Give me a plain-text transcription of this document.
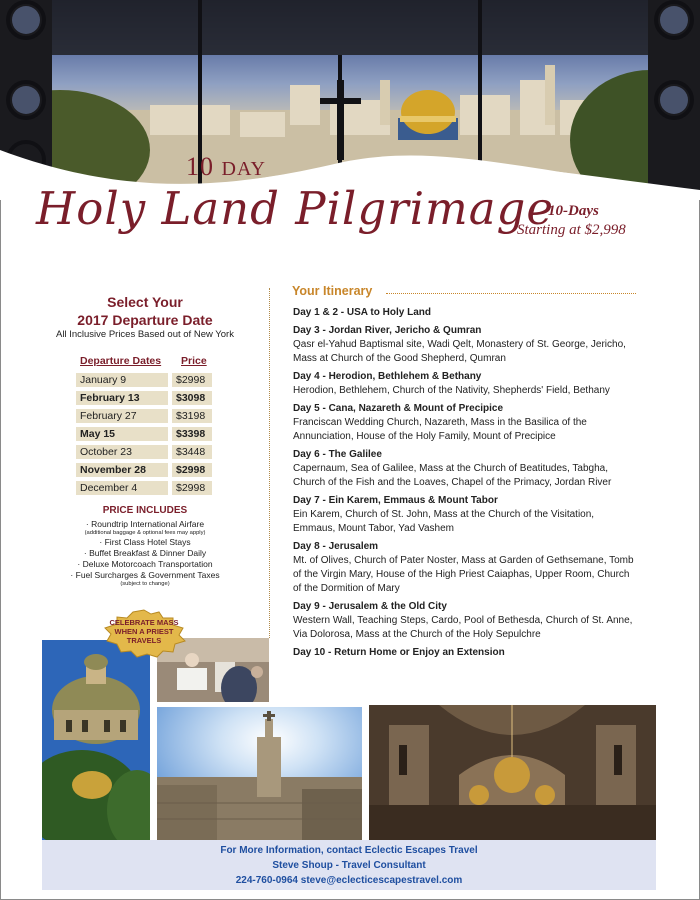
10 DAY
Holy Land Pilgrimage
10-Days
Starting at $2,998
Select Your
2017 Departure Date
All Inclusive Prices Based out of New York
Departure Dates Price
January 9	$2998
February 13	$3098
February 27	$3198
May 15	$3398
October 23	$3448
November 28	$2998
December 4	$2998
PRICE INCLUDES
· Roundtrip International Airfare
(additional baggage & optional fees may apply)
· First Class Hotel Stays
· Buffet Breakfast & Dinner Daily
· Deluxe Motorcoach Transportation
· Fuel Surcharges & Government Taxes
(subject to change)
Your Itinerary
Day 1 & 2 - USA to Holy Land
Day 3 - Jordan River, Jericho & Qumran
Qasr el-Yahud Baptismal site, Wadi Qelt, Monastery of St. George, Jericho, Mass at Church of the Good Shepherd, Qumran
Day 4 - Herodion, Bethlehem & Bethany
Herodion, Bethlehem, Church of the Nativity, Shepherds' Field, Bethany
Day 5 - Cana, Nazareth & Mount of Precipice
Franciscan Wedding Church, Nazareth, Mass in the Basilica of the Annunciation, House of the Holy Family, Mount of Precipice
Day 6 - The Galilee
Capernaum, Sea of Galilee, Mass at the Church of Beatitudes, Tabgha, Church of the Fish and the Loaves, Chapel of the Primacy, Jordan River
Day 7 - Ein Karem, Emmaus & Mount Tabor
Ein Karem, Church of St. John, Mass at the Church of the Visitation, Emmaus, Mount Tabor, Yad Vashem
Day 8 - Jerusalem
Mt. of Olives, Church of Pater Noster, Mass at Garden of Gethsemane, Tomb of the Virgin Mary, House of the High Priest Caiaphas, Upper Room, Church of the Dormition of Mary
Day 9 - Jerusalem & the Old City
Western Wall, Teaching Steps, Cardo, Pool of Bethesda, Church of St. Anne, Via Dolorosa, Mass at the Church of the Holy Sepulchre
Day 10 - Return Home or Enjoy an Extension
CELEBRATE MASS
WHEN A PRIEST
TRAVELS
For More Information, contact Eclectic Escapes Travel
Steve Shoup - Travel Consultant
224-760-0964 steve@eclecticescapestravel.com
